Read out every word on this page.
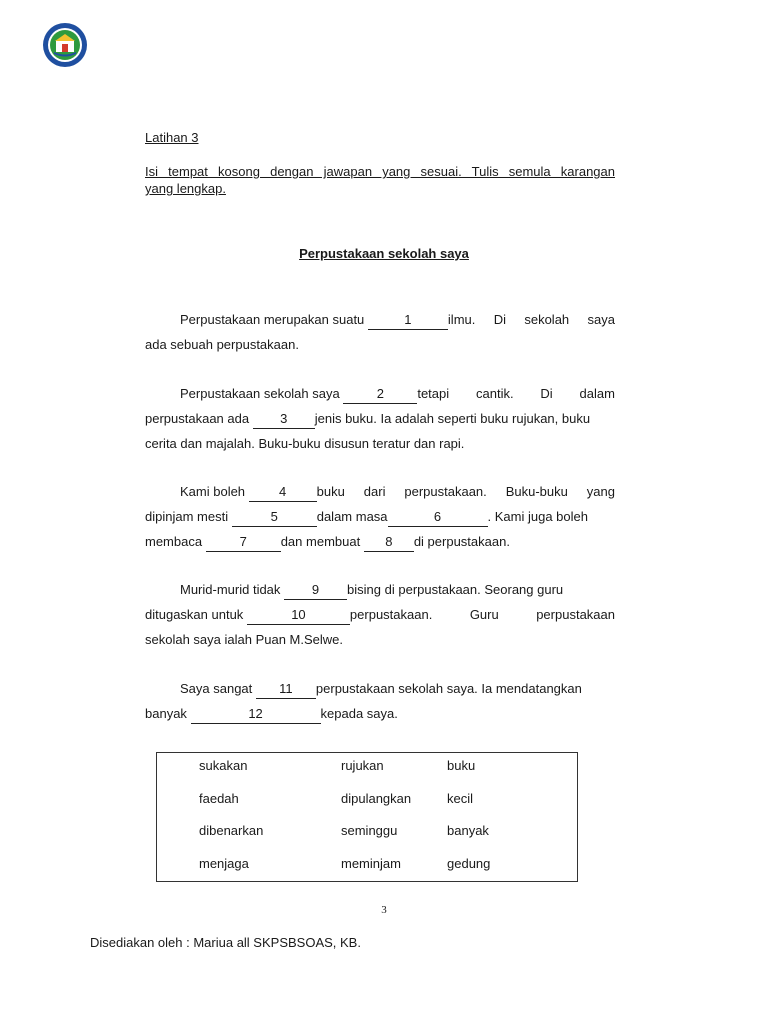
Latihan 3
Isi tempat kosong dengan jawapan yang sesuai. Tulis semula karangan
yang lengkap.
Perpustakaan sekolah saya
Perpustakaan merupakan suatu	1	ilmu. Di sekolah saya
ada sebuah perpustakaan.
Perpustakaan sekolah saya	2	tetapi cantik. Di dalam
perpustakaan ada 3 jenis buku. Ia adalah seperti buku rujukan, buku
cerita dan majalah. Buku-buku disusun teratur dan rapi.
Kami boleh	4 buku dari perpustakaan. Buku-buku yang
dipinjam mesti	5	dalam masa	6	. Kami juga boleh
membaca	7	dan membuat 8 di perpustakaan.
Murid-murid tidak 9 bising di perpustakaan. Seorang guru
ditugaskan untuk	10	perpustakaan.	Guru	perpustakaan
sekolah saya ialah Puan M.Selwe.
Saya sangat 11 perpustakaan sekolah saya. Ia mendatangkan
banyak	12	kepada saya.
sukakan	rujukan	buku
faedah	dipulangkan	kecil
dibenarkan	seminggu	banyak
menjaga	meminjam	gedung
3
Disediakan oleh : Mariua all SKPSBSOAS, KB.
